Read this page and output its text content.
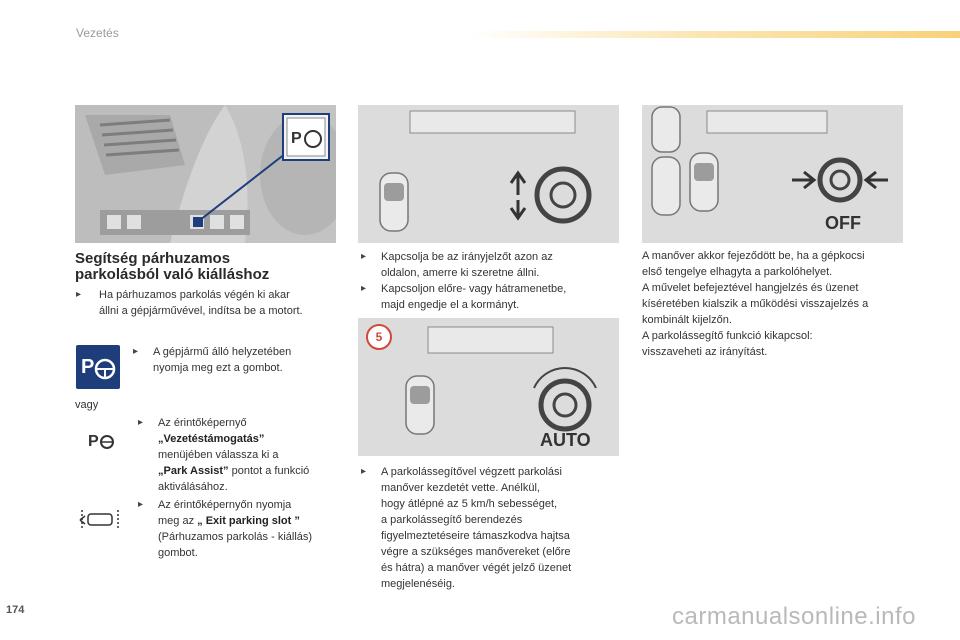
Vezetés
P
Segítség párhuzamos
parkolásból való kiálláshoz
▸ Ha párhuzamos parkolás végén ki akar
állni a gépjárművével, indítsa be a motort.
P
▸ A gépjármű álló helyzetében
nyomja meg ezt a gombot.
vagy
P
▸ Az érintőképernyő
„Vezetéstámogatás”
menüjében válassza ki a
„Park Assist” pontot a funkció
aktiválásához.
▸ Az érintőképernyőn nyomja
meg az „ Exit parking slot ”
(Párhuzamos parkolás - kiállás)
gombot.
▸ Kapcsolja be az irányjelzőt azon az
oldalon, amerre ki szeretne állni.
▸ Kapcsoljon előre- vagy hátramenetbe,
majd engedje el a kormányt.
5
AUTO
▸ A parkolássegítővel végzett parkolási
manőver kezdetét vette. Anélkül,
hogy átlépné az 5 km/h sebességet,
a parkolássegítő berendezés
figyelmeztetéseire támaszkodva hajtsa
végre a szükséges manővereket (előre
és hátra) a manőver végét jelző üzenet
megjelenéséig.
OFF
A manőver akkor fejeződött be, ha a gépkocsi
első tengelye elhagyta a parkolóhelyet.
A művelet befejeztével hangjelzés és üzenet
kíséretében kialszik a működési visszajelzés a
kombinált kijelzőn.
A parkolássegítő funkció kikapcsol:
visszaveheti az irányítást.
174	carmanualsonline.info
